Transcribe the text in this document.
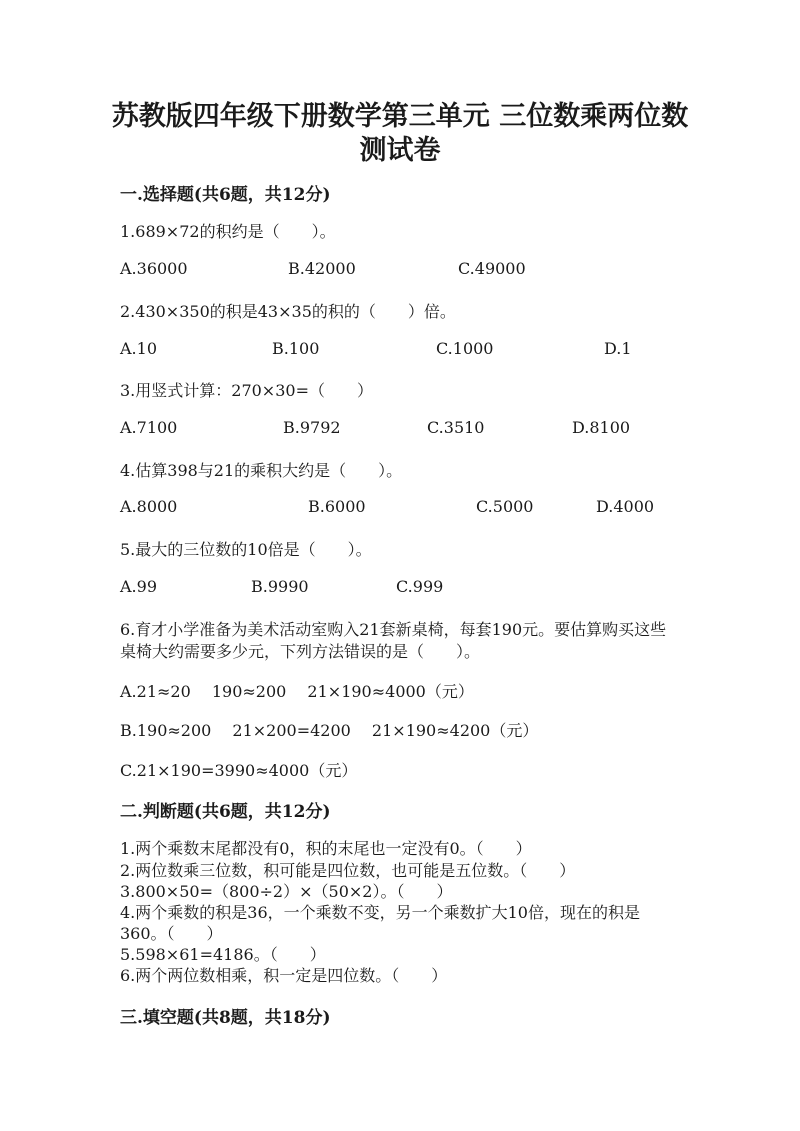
苏教版四年级下册数学第三单元 三位数乘两位数
测试卷
一.选择题(共6题，共12分)
1.689×72的积约是（　　）。
A.36000	B.42000	C.49000
2.430×350的积是43×35的积的（　　）倍。
A.10	B.100	C.1000	D.1
3.用竖式计算：270×30=（　　）
A.7100	B.9792	C.3510	D.8100
4.估算398与21的乘积大约是（　　）。
A.8000	B.6000	C.5000	D.4000
5.最大的三位数的10倍是（　　）。
A.99	B.9990	C.999
6.育才小学准备为美术活动室购入21套新桌椅，每套190元。要估算购买这些
桌椅大约需要多少元，下列方法错误的是（　　）。
A.21≈20　 190≈200　 21×190≈4000（元）
B.190≈200　 21×200=4200　 21×190≈4200（元）
C.21×190=3990≈4000（元）
二.判断题(共6题，共12分)
1.两个乘数末尾都没有0，积的末尾也一定没有0。（　　）
2.两位数乘三位数，积可能是四位数，也可能是五位数。（　　）
3.800×50=（800÷2）×（50×2）。（　　）
4.两个乘数的积是36，一个乘数不变，另一个乘数扩大10倍，现在的积是
360。（　　）
5.598×61=4186。（　　）
6.两个两位数相乘，积一定是四位数。（　　）
三.填空题(共8题，共18分)
